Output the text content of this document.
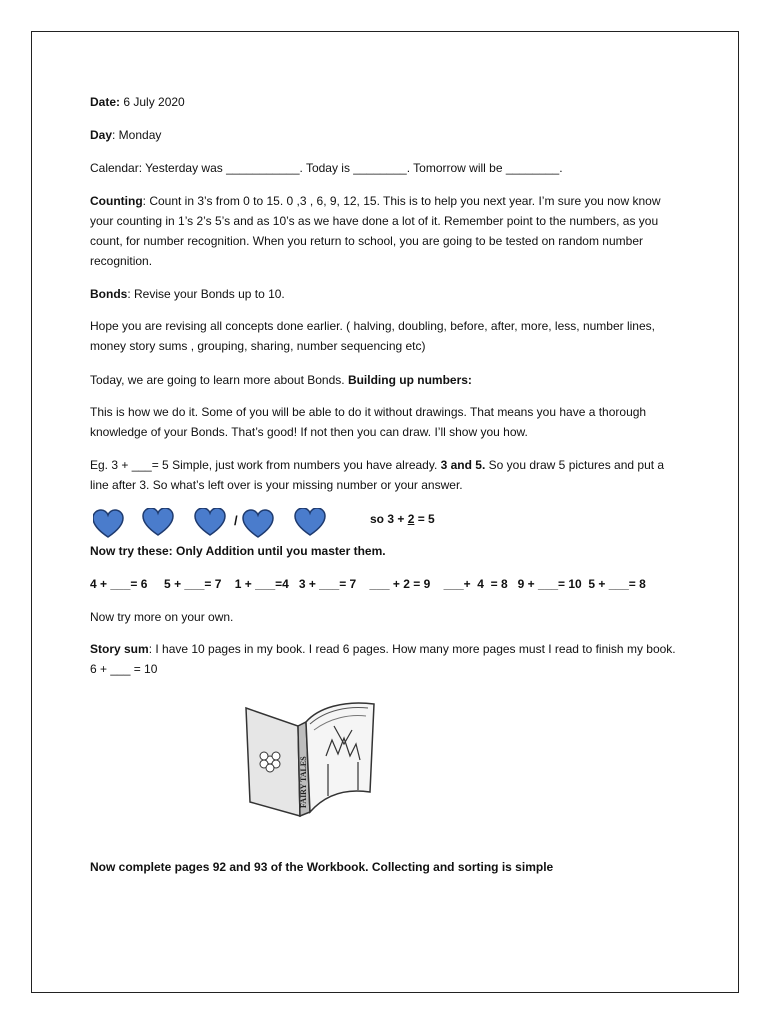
Date: 6 July 2020
Day: Monday
Calendar: Yesterday was ___________. Today is ________. Tomorrow will be ________.
Counting: Count in 3’s from 0 to 15. 0 ,3 , 6, 9, 12, 15. This is to help you next year. I’m sure you now know your counting in 1’s 2’s 5’s and as 10’s as we have done a lot of it. Remember point to the numbers, as you count, for number recognition. When you return to school, you are going to be tested on random number recognition.
Bonds: Revise your Bonds up to 10.
Hope you are revising all concepts done earlier. ( halving, doubling, before, after, more, less, number lines, money story sums , grouping, sharing, number sequencing etc)
Today, we are going to learn more about Bonds. Building up numbers:
This is how we do it. Some of you will be able to do it without drawings. That means you have a thorough knowledge of your Bonds. That’s good! If not then you can draw. I’ll show you how.
Eg. 3 + ___= 5 Simple, just work from numbers you have already. 3 and 5. So you draw 5 pictures and put a line after 3. So what’s left over is your missing number or your answer.
/	so 3 + 2 = 5
Now try these: Only Addition until you master them.
4 + ___= 6     5 + ___= 7    1 + ___=4   3 + ___= 7    ___ + 2 = 9    ___+  4  = 8   9 + ___= 10  5 + ___= 8
Now try more on your own.
Story sum: I have 10 pages in my book. I read 6 pages. How many more pages must I read to finish my book. 6 + ___ = 10
FAIRY TALES
Now complete pages 92 and 93 of the Workbook. Collecting and sorting is simple
